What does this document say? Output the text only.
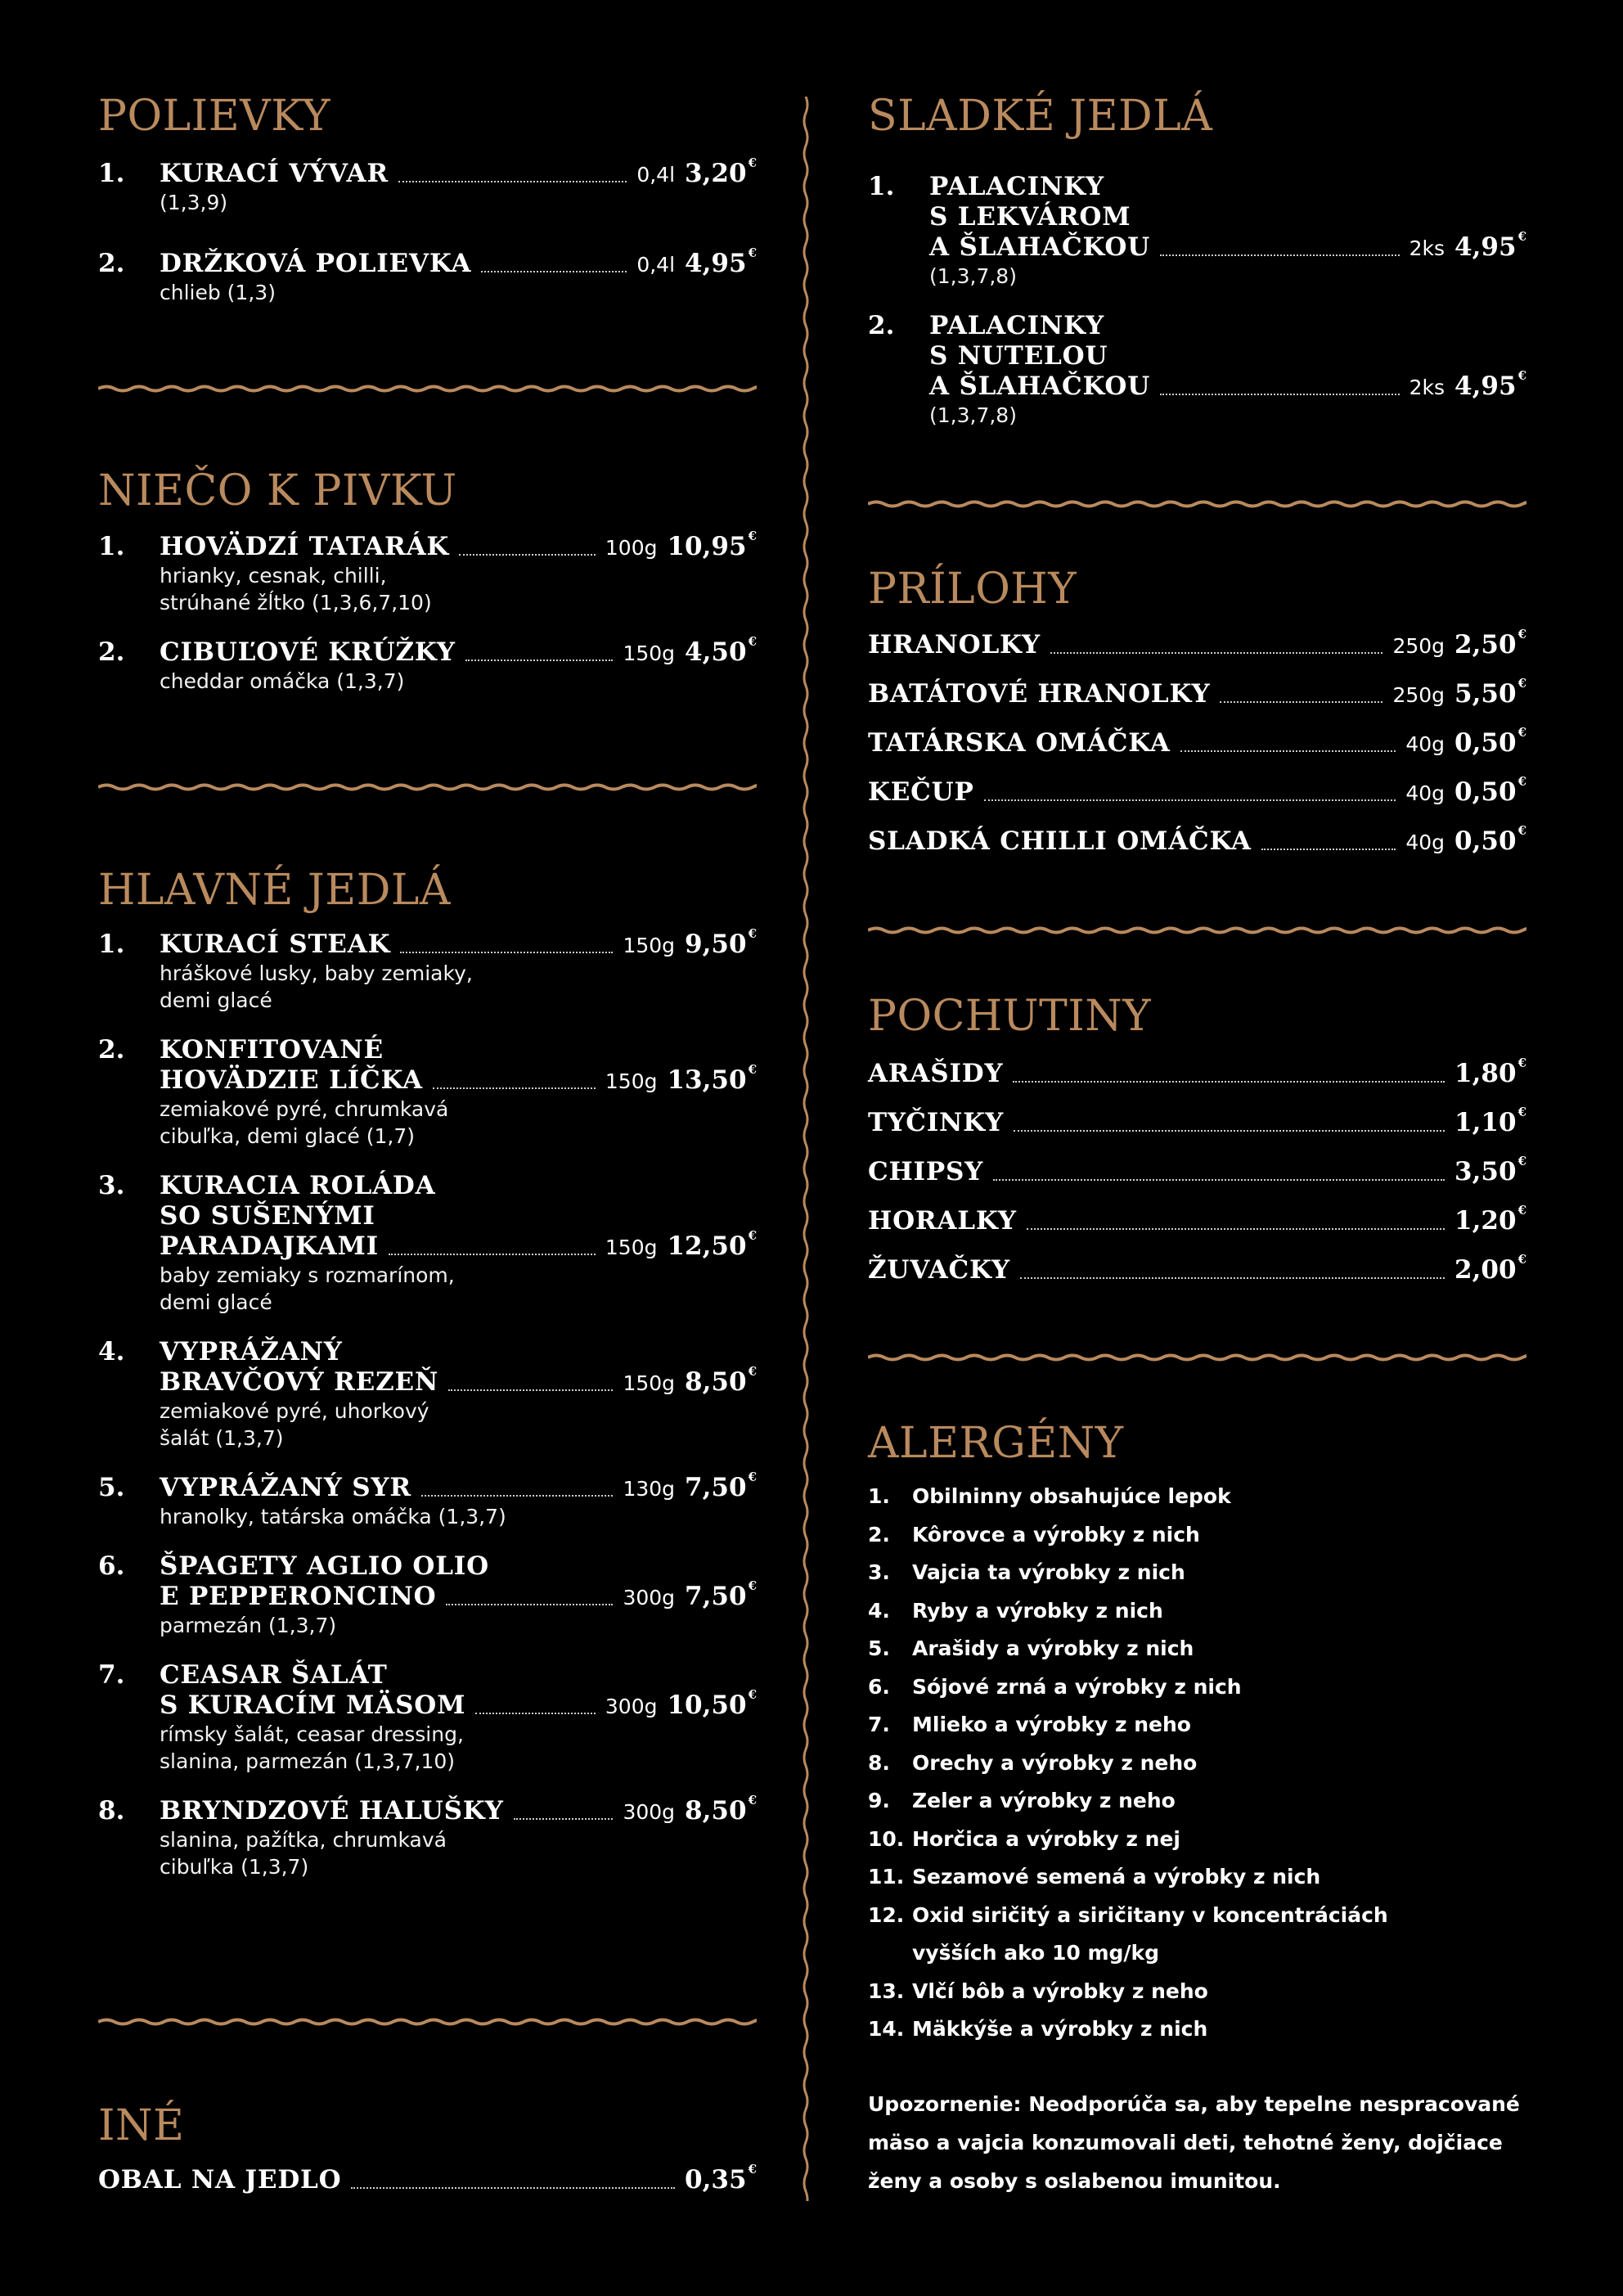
POLIEVKY
1.	KURACÍ VÝVAR	0,4l 3,20 €
(1,3,9)
2.	DRŽKOVÁ POLIEVKA	0,4l 4,95 €
chlieb (1,3)
NIEČO K PIVKU
1.	HOVÄDZÍ TATARÁK	100g 10,95 €
hrianky, cesnak, chilli,
strúhané žĺtko (1,3,6,7,10)
2.	CIBUĽOVÉ KRÚŽKY	150g 4,50 €
cheddar omáčka (1,3,7)
HLAVNÉ JEDLÁ
1.	KURACÍ STEAK	150g 9,50 €
hráškové lusky, baby zemiaky,
demi glacé
2.	KONFITOVANÉ
HOVÄDZIE LÍČKA	150g 13,50 €
zemiakové pyré, chrumkavá
cibuľka, demi glacé (1,7)
3.	KURACIA ROLÁDA
SO SUŠENÝMI
PARADAJKAMI	150g 12,50 €
baby zemiaky s rozmarínom,
demi glacé
4.	VYPRÁŽANÝ
BRAVČOVÝ REZEŇ	150g 8,50 €
zemiakové pyré, uhorkový
šalát (1,3,7)
5.	VYPRÁŽANÝ SYR	130g 7,50 €
hranolky, tatárska omáčka (1,3,7)
6.	ŠPAGETY AGLIO OLIO
E PEPPERONCINO	300g 7,50 €
parmezán (1,3,7)
7.	CEASAR ŠALÁT
S KURACÍM MÄSOM	300g 10,50 €
rímsky šalát, ceasar dressing,
slanina, parmezán (1,3,7,10)
8.	BRYNDZOVÉ HALUŠKY	300g 8,50 €
slanina, pažítka, chrumkavá
cibuľka (1,3,7)
INÉ
OBAL NA JEDLO	0,35 €
SLADKÉ JEDLÁ
1.	PALACINKY
S LEKVÁROM
A ŠLAHAČKOU	2ks 4,95 €
(1,3,7,8)
2.	PALACINKY
S NUTELOU
A ŠLAHAČKOU	2ks 4,95 €
(1,3,7,8)
PRÍLOHY
HRANOLKY	250g 2,50 €
BATÁTOVÉ HRANOLKY	250g 5,50 €
TATÁRSKA OMÁČKA	40g 0,50 €
KEČUP	40g 0,50 €
SLADKÁ CHILLI OMÁČKA	40g 0,50 €
POCHUTINY
ARAŠIDY	1,80 €
TYČINKY	1,10 €
CHIPSY	3,50 €
HORALKY	1,20 €
ŽUVAČKY	2,00 €
ALERGÉNY
1. Obilninny obsahujúce lepok
2. Kôrovce a výrobky z nich
3. Vajcia ta výrobky z nich
4. Ryby a výrobky z nich
5. Arašidy a výrobky z nich
6. Sójové zrná a výrobky z nich
7. Mlieko a výrobky z neho
8. Orechy a výrobky z neho
9. Zeler a výrobky z neho
10. Horčica a výrobky z nej
11. Sezamové semená a výrobky z nich
12. Oxid siričitý a siričitany v koncentráciách
vyšších ako 10 mg/kg
13. Vlčí bôb a výrobky z neho
14. Mäkkýše a výrobky z nich

Upozornenie: Neodporúča sa, aby tepelne nespracované

mäso a vajcia konzumovali deti, tehotné ženy, dojčiace

ženy a osoby s oslabenou imunitou.
